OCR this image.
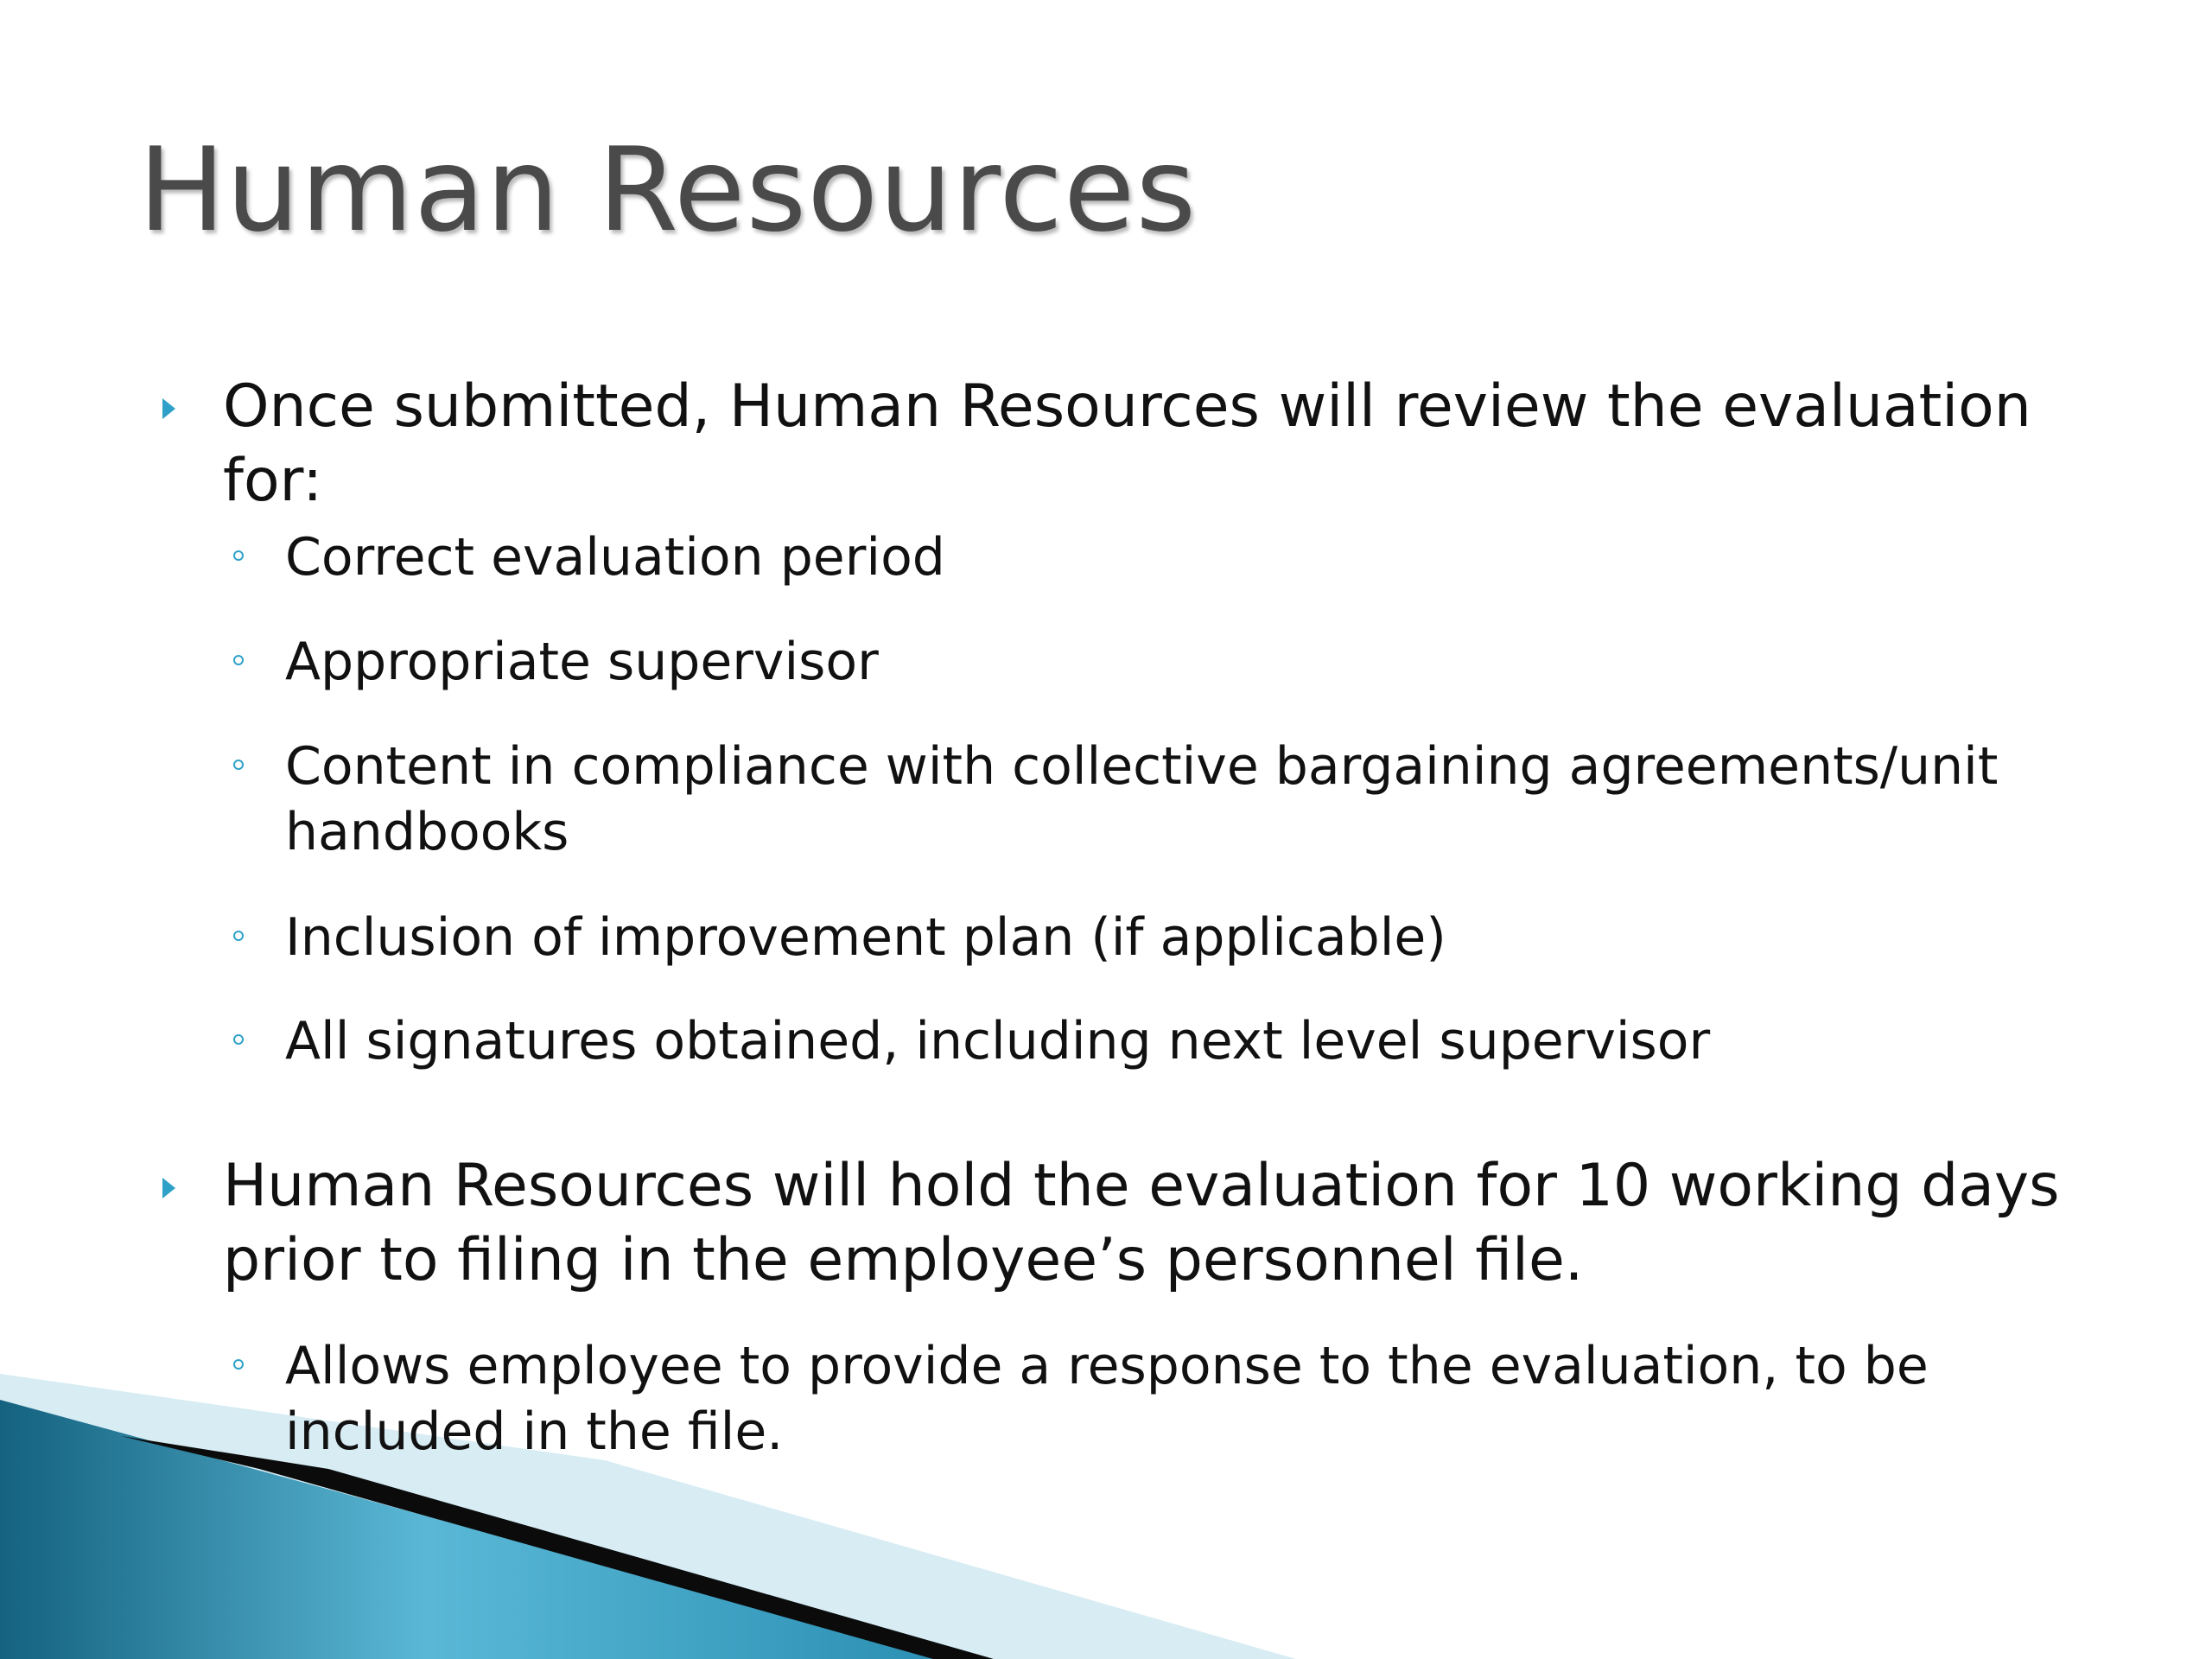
Human Resources
Once submitted, Human Resources will review the evaluation for:
Correct evaluation period
Appropriate supervisor
Content in compliance with collective bargaining agreements/unit handbooks
Inclusion of improvement plan (if applicable)
All signatures obtained, including next level supervisor
Human Resources will hold the evaluation for 10 working days prior to filing in the employee’s personnel file.
Allows employee to provide a response to the evaluation, to be included in the file.
